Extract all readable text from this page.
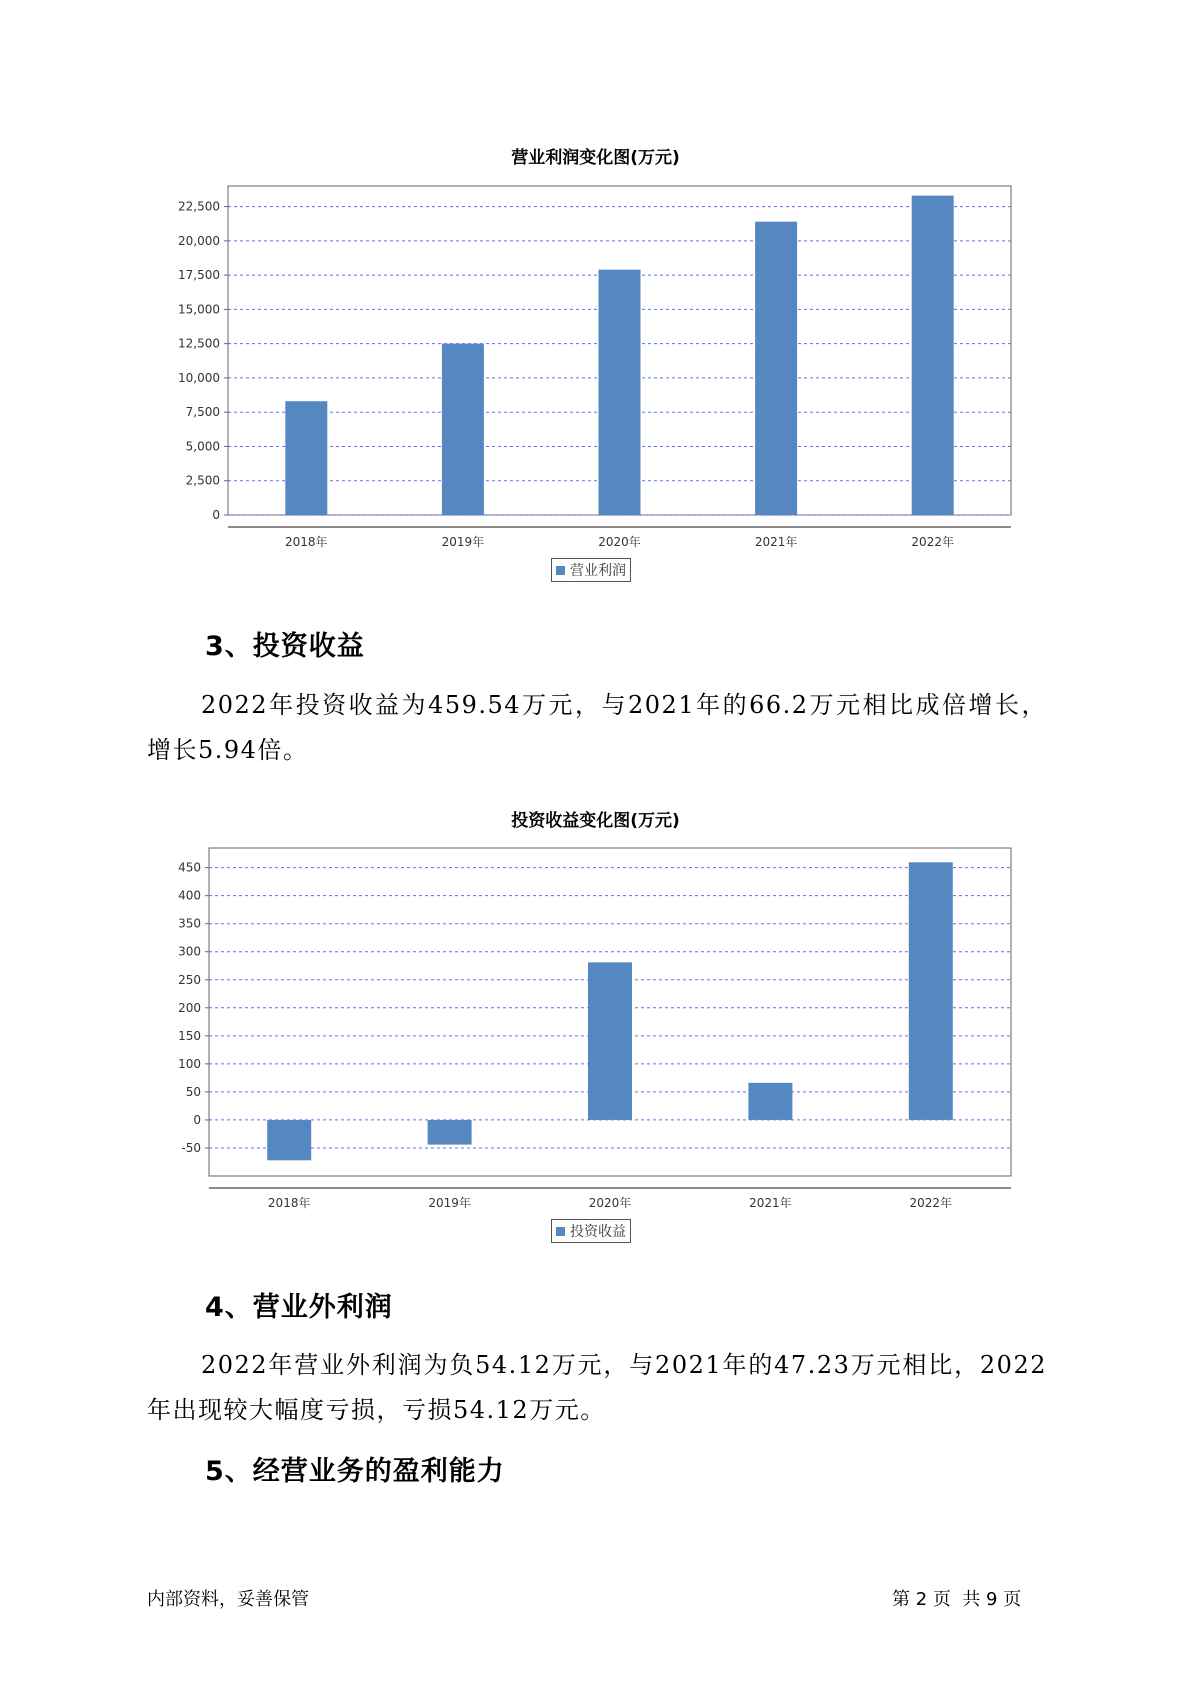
营业利润变化图(万元)
0
2,500
5,000
7,500
10,000
12,500
15,000
17,500
20,000
22,500
2018年	2019年	2020年	2021年	2022年
营业利润
3、投资收益
2022年投资收益为459.54万元，与2021年的66.2万元相比成倍增长，增长5.94倍。
投资收益变化图(万元)
-50
0
50
100
150
200
250
300
350
400
450
2018年	2019年	2020年	2021年	2022年
投资收益
4、营业外利润
2022年营业外利润为负54.12万元，与2021年的47.23万元相比，2022年出现较大幅度亏损，亏损54.12万元。
5、经营业务的盈利能力
内部资料，妥善保管	第 2 页  共 9 页
